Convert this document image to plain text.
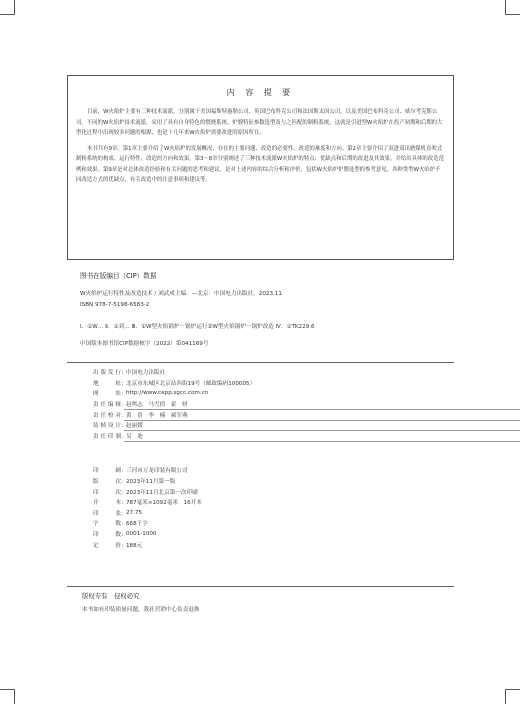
内 容 提 要

目前，W火焰炉主要有三种技术流派，分别属于美国福斯特惠勒公司、英国巴布科克公司和法国斯太因公司，以及美国巴布科克公司、威尔考克斯公司。不同的W火焰炉技术流派，采用了具有自身特色的燃烧系统、炉膛特征参数选型及与之匹配的制粉系统。这就是引进型W火焰炉在投产初期和后期的大型化过程中出现较多问题的根源，也是十几年来W火焰炉需要改进的原因所在。

本书共有9章。第1章主要介绍了W火焰炉的发展概况、存在的主要问题、改造的必要性、改造的难度和方向。第2章主要介绍了双进双出磨煤机直吹式制粉系统的构成、运行特性、改造的方向和效果。第3～8章分别阐述了三种技术流派W火焰炉的特点、优缺点和后期的改进及其效果，并给出具体的改造范例和效果。第9章是对总体改造经验和有关问题的思考和建议，是对上述内容的综合分析和评价，包括W火焰炉炉膛选型的参考意见，各种类型W火焰炉不同改造方式的优缺点，有关改造中的注意事项和建议等。

图书在版编目（CIP）数据
W火焰炉运行特性及改造技术 / 刘武成主编．—北京：中国电力出版社，2023.11
ISBN 978-7-5198-6583-2
Ⅰ．①W… Ⅱ．①刘… Ⅲ．①W型火焰锅炉－锅炉运行②W型火焰锅炉－锅炉改造 Ⅳ．①TK229.6
中国版本图书馆CIP数据核字（2022）第041169号
出版发行 ： 中国电力出版社
地　　址 ： 北京市东城区北京站西街19号（邮政编码100005）
网　　址 ： http://www.cepp.sgcc.com.cn
责任编辑 ： 赵鸣志　马雪倩　霍　妍
责任校对 ： 黄　蓓　李　楠　郝军燕
装帧设计 ： 赵丽媛
责任印制 ： 吴　迪
印　　刷 ： 三河市万龙印装有限公司
版　　次 ： 2023年11月第一版
印　　次 ： 2023年11月北京第一次印刷
开　　本 ： 787毫米×1092毫米　16开本
印　　张 ： 27.75
字　　数 ： 668千字
印　　数 ： 0001-1000
定　　价 ： 188元
版权专有　侵权必究
本书如有印装质量问题，我社营销中心负责退换
